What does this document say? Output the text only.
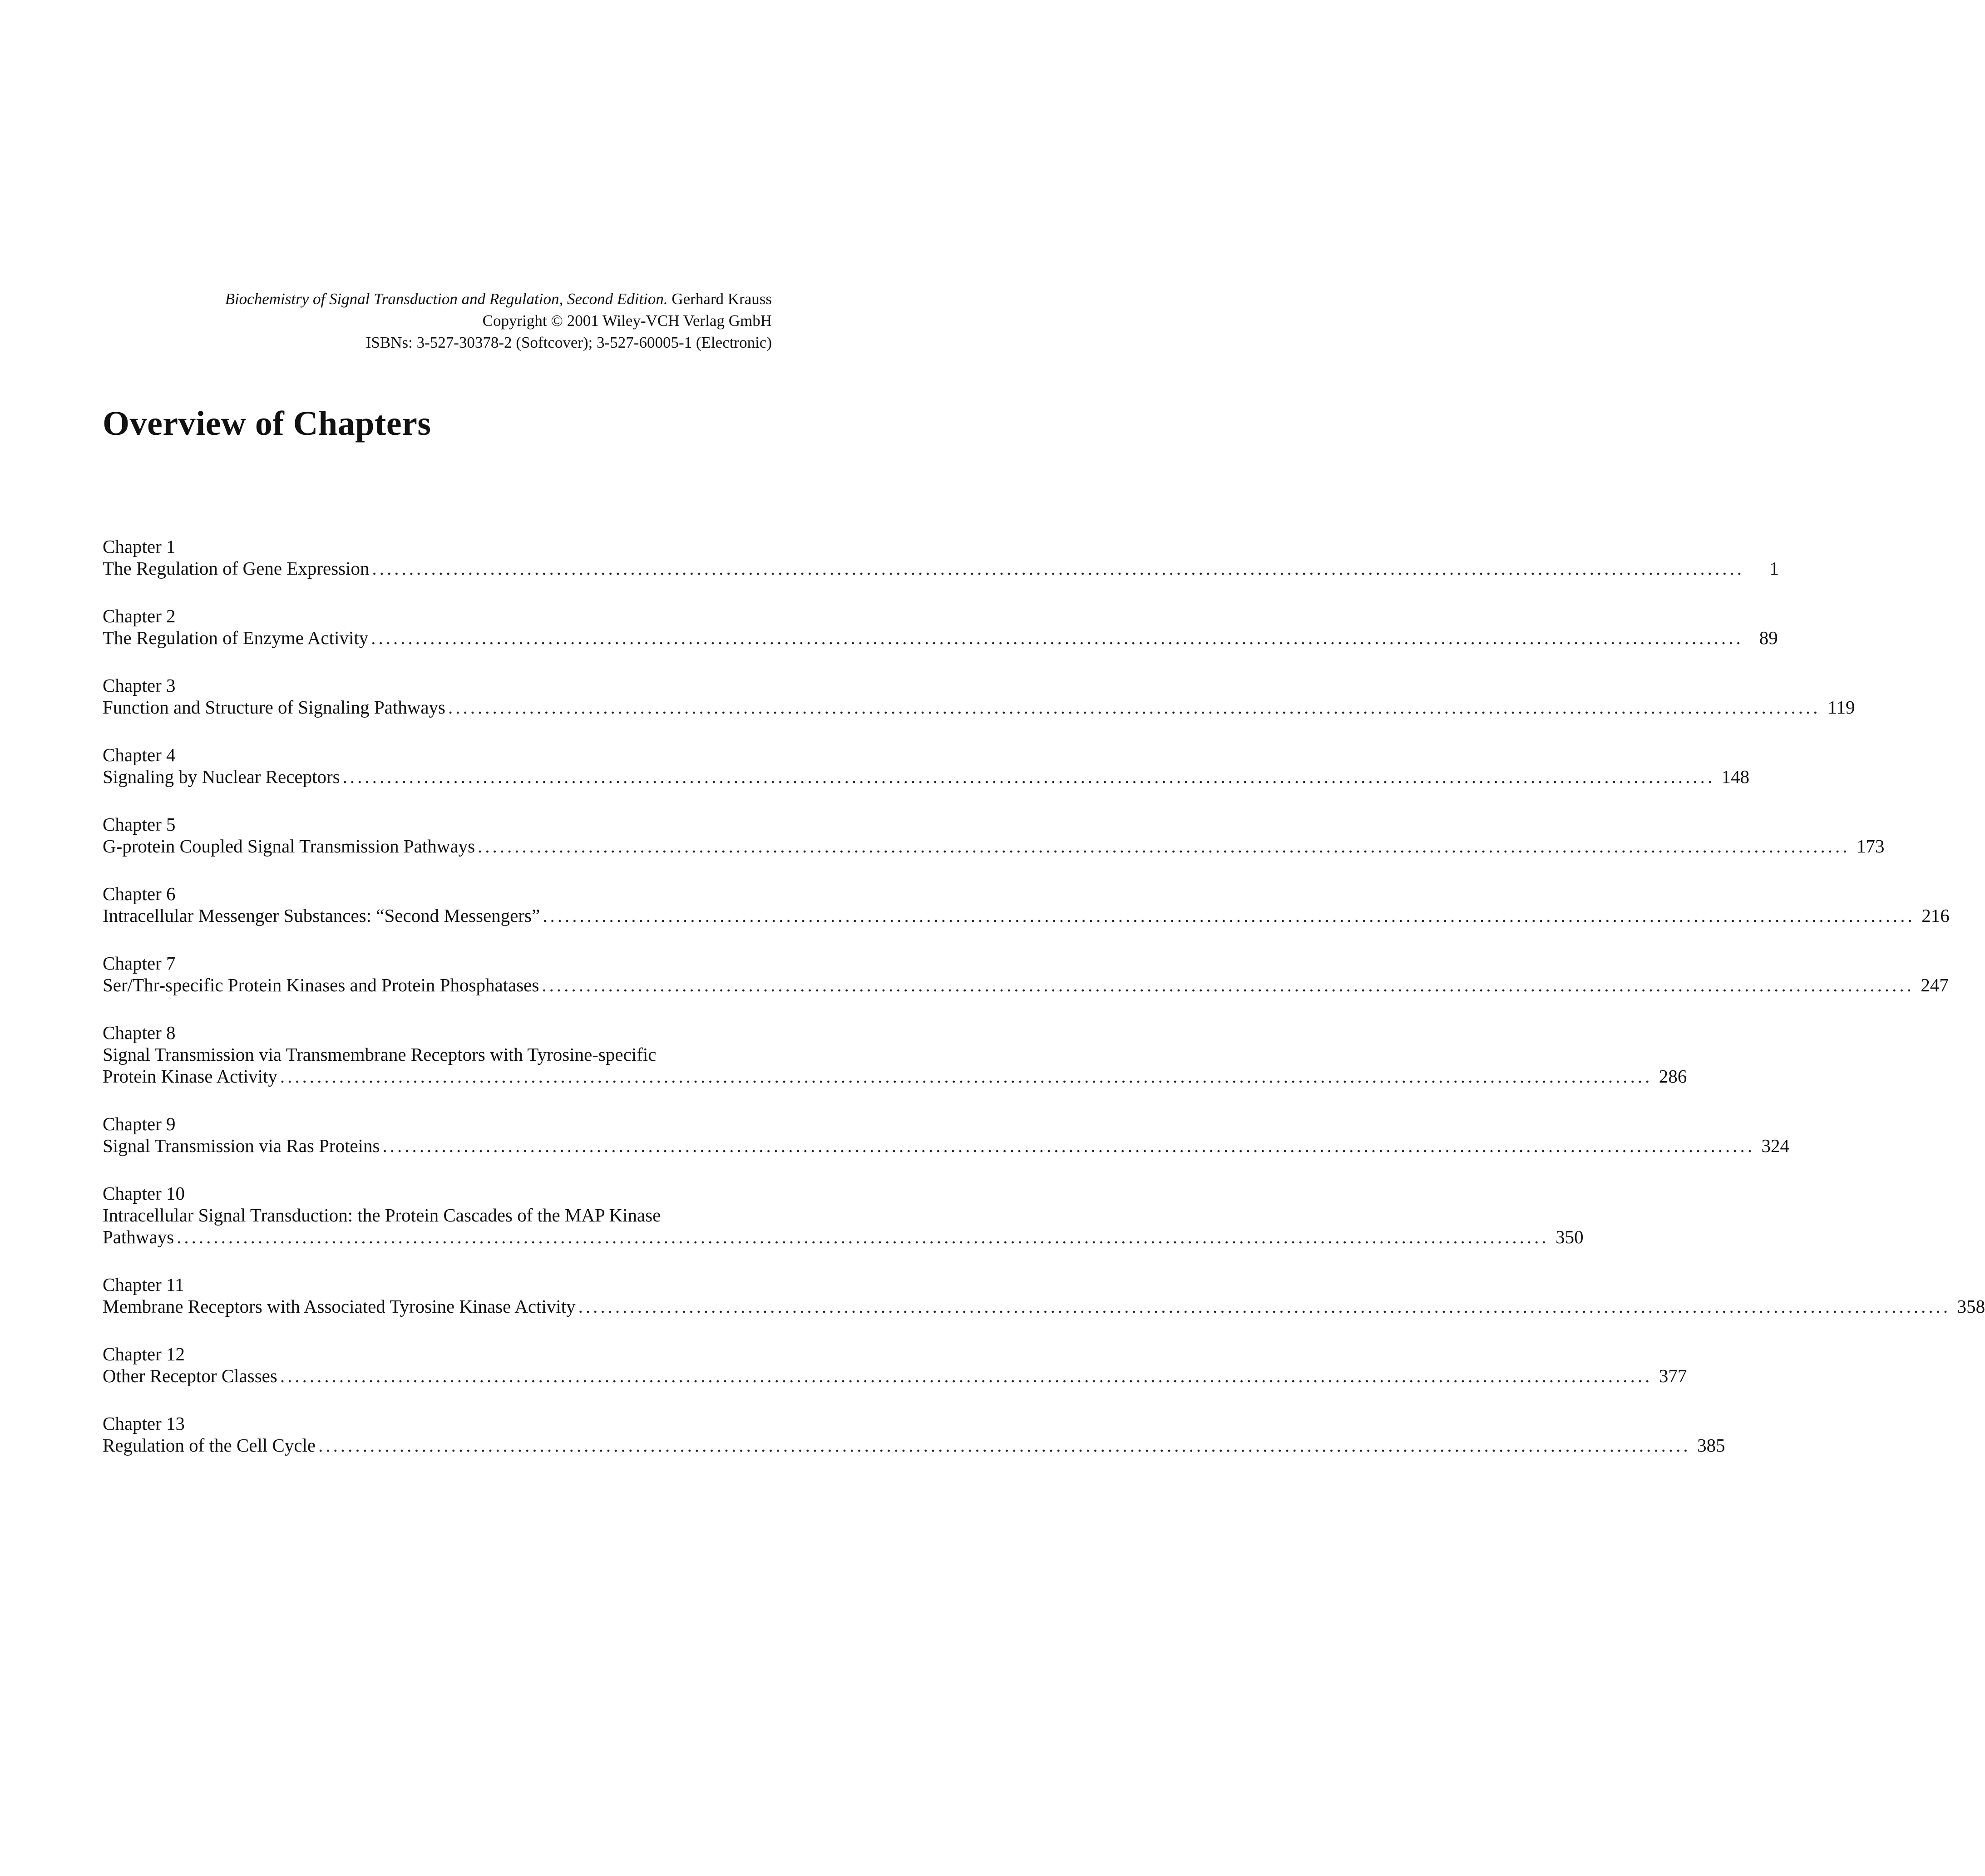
Biochemistry of Signal Transduction and Regulation, Second Edition. Gerhard Krauss
Copyright © 2001 Wiley-VCH Verlag GmbH
ISBNs: 3-527-30378-2 (Softcover); 3-527-60005-1 (Electronic)
Overview of Chapters
Chapter 1
The Regulation of Gene Expression ..........................................................................................................................................................................................	1
Chapter 2
The Regulation of Enzyme Activity .......................................................................................................................................................................................... 89
Chapter 3
Function and Structure of Signaling Pathways .......................................................................................................................................................................................... 119
Chapter 4
Signaling by Nuclear Receptors .......................................................................................................................................................................................... 148
Chapter 5
G-protein Coupled Signal Transmission Pathways .......................................................................................................................................................................................... 173
Chapter 6
Intracellular Messenger Substances: “Second Messengers” .......................................................................................................................................................................................... 216
Chapter 7
Ser/Thr-specific Protein Kinases and Protein Phosphatases .......................................................................................................................................................................................... 247
Chapter 8
Signal Transmission via Transmembrane Receptors with Tyrosine-specific
Protein Kinase Activity .......................................................................................................................................................................................... 286
Chapter 9
Signal Transmission via Ras Proteins .......................................................................................................................................................................................... 324
Chapter 10
Intracellular Signal Transduction: the Protein Cascades of the MAP Kinase
Pathways .......................................................................................................................................................................................... 350
Chapter 11
Membrane Receptors with Associated Tyrosine Kinase Activity .......................................................................................................................................................................................... 358
Chapter 12
Other Receptor Classes .......................................................................................................................................................................................... 377
Chapter 13
Regulation of the Cell Cycle .......................................................................................................................................................................................... 385
